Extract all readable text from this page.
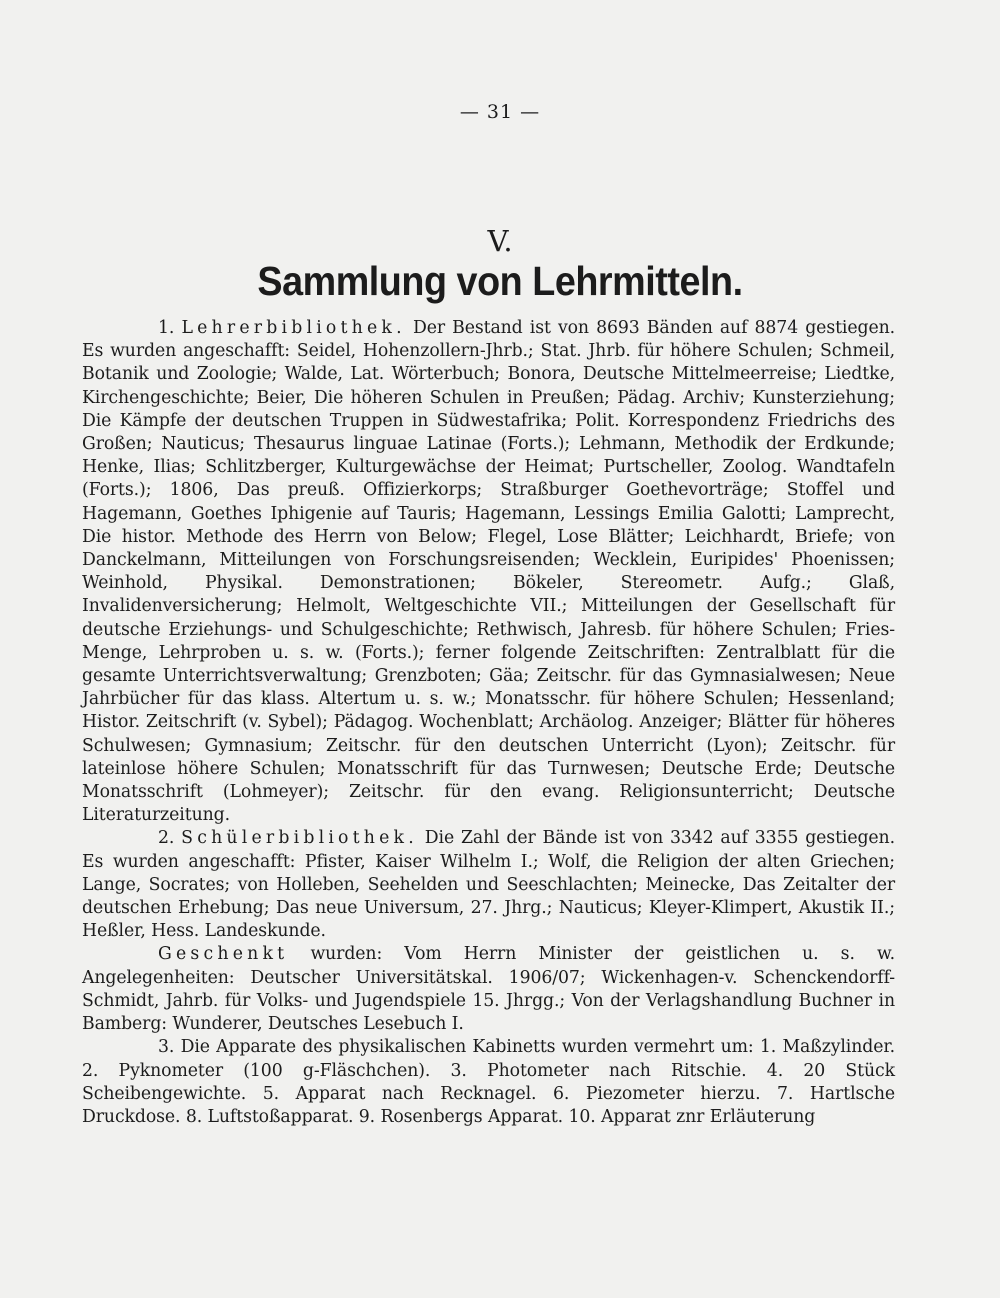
— 31 —
V.
Sammlung von Lehrmitteln.

1. Lehrerbibliothek. Der Bestand ist von 8693 Bänden auf 8874 gestiegen. Es wurden angeschafft: Seidel, Hohenzollern-Jhrb.; Stat. Jhrb. für höhere Schulen; Schmeil, Botanik und Zoologie; Walde, Lat. Wörterbuch; Bonora, Deutsche Mittelmeerreise; Liedtke, Kirchengeschichte; Beier, Die höheren Schulen in Preußen; Pädag. Archiv; Kunsterziehung; Die Kämpfe der deutschen Truppen in Südwestafrika; Polit. Korrespondenz Friedrichs des Großen; Nauticus; Thesaurus linguae Latinae (Forts.); Lehmann, Methodik der Erdkunde; Henke, Ilias; Schlitzberger, Kulturgewächse der Heimat; Purtscheller, Zoolog. Wandtafeln (Forts.); 1806, Das preuß. Offizierkorps; Straßburger Goethevorträge; Stoffel und Hagemann, Goethes Iphigenie auf Tauris; Hagemann, Lessings Emilia Galotti; Lamprecht, Die histor. Methode des Herrn von Below; Flegel, Lose Blätter; Leichhardt, Briefe; von Danckelmann, Mitteilungen von Forschungsreisenden; Wecklein, Euripides' Phoenissen; Weinhold, Physikal. Demonstrationen; Bökeler, Stereometr. Aufg.; Glaß, Invalidenversicherung; Helmolt, Weltgeschichte VII.; Mitteilungen der Gesellschaft für deutsche Erziehungs- und Schulgeschichte; Rethwisch, Jahresb. für höhere Schulen; Fries-Menge, Lehrproben u. s. w. (Forts.); ferner folgende Zeitschriften: Zentralblatt für die gesamte Unterrichtsverwaltung; Grenzboten; Gäa; Zeitschr. für das Gymnasialwesen; Neue Jahrbücher für das klass. Altertum u. s. w.; Monatsschr. für höhere Schulen; Hessenland; Histor. Zeitschrift (v. Sybel); Pädagog. Wochenblatt; Archäolog. Anzeiger; Blätter für höheres Schulwesen; Gymnasium; Zeitschr. für den deutschen Unterricht (Lyon); Zeitschr. für lateinlose höhere Schulen; Monatsschrift für das Turnwesen; Deutsche Erde; Deutsche Monatsschrift (Lohmeyer); Zeitschr. für den evang. Religionsunterricht; Deutsche Literaturzeitung.

2. Schülerbibliothek. Die Zahl der Bände ist von 3342 auf 3355 gestiegen. Es wurden angeschafft: Pfister, Kaiser Wilhelm I.; Wolf, die Religion der alten Griechen; Lange, Socrates; von Holleben, Seehelden und Seeschlachten; Meinecke, Das Zeitalter der deutschen Erhebung; Das neue Universum, 27. Jhrg.; Nauticus; Kleyer-Klimpert, Akustik II.; Heßler, Hess. Landeskunde.

Geschenkt wurden: Vom Herrn Minister der geistlichen u. s. w. Angelegenheiten: Deutscher Universitätskal. 1906/07; Wickenhagen-v. Schenckendorff-Schmidt, Jahrb. für Volks- und Jugendspiele 15. Jhrgg.; Von der Verlagshandlung Buchner in Bamberg: Wunderer, Deutsches Lesebuch I.

3. Die Apparate des physikalischen Kabinetts wurden vermehrt um: 1. Maßzylinder. 2. Pyknometer (100 g-Fläschchen). 3. Photometer nach Ritschie. 4. 20 Stück Scheibengewichte. 5. Apparat nach Recknagel. 6. Piezometer hierzu. 7. Hartlsche Druckdose. 8. Luftstoßapparat. 9. Rosenbergs Apparat. 10. Apparat znr Erläuterung
